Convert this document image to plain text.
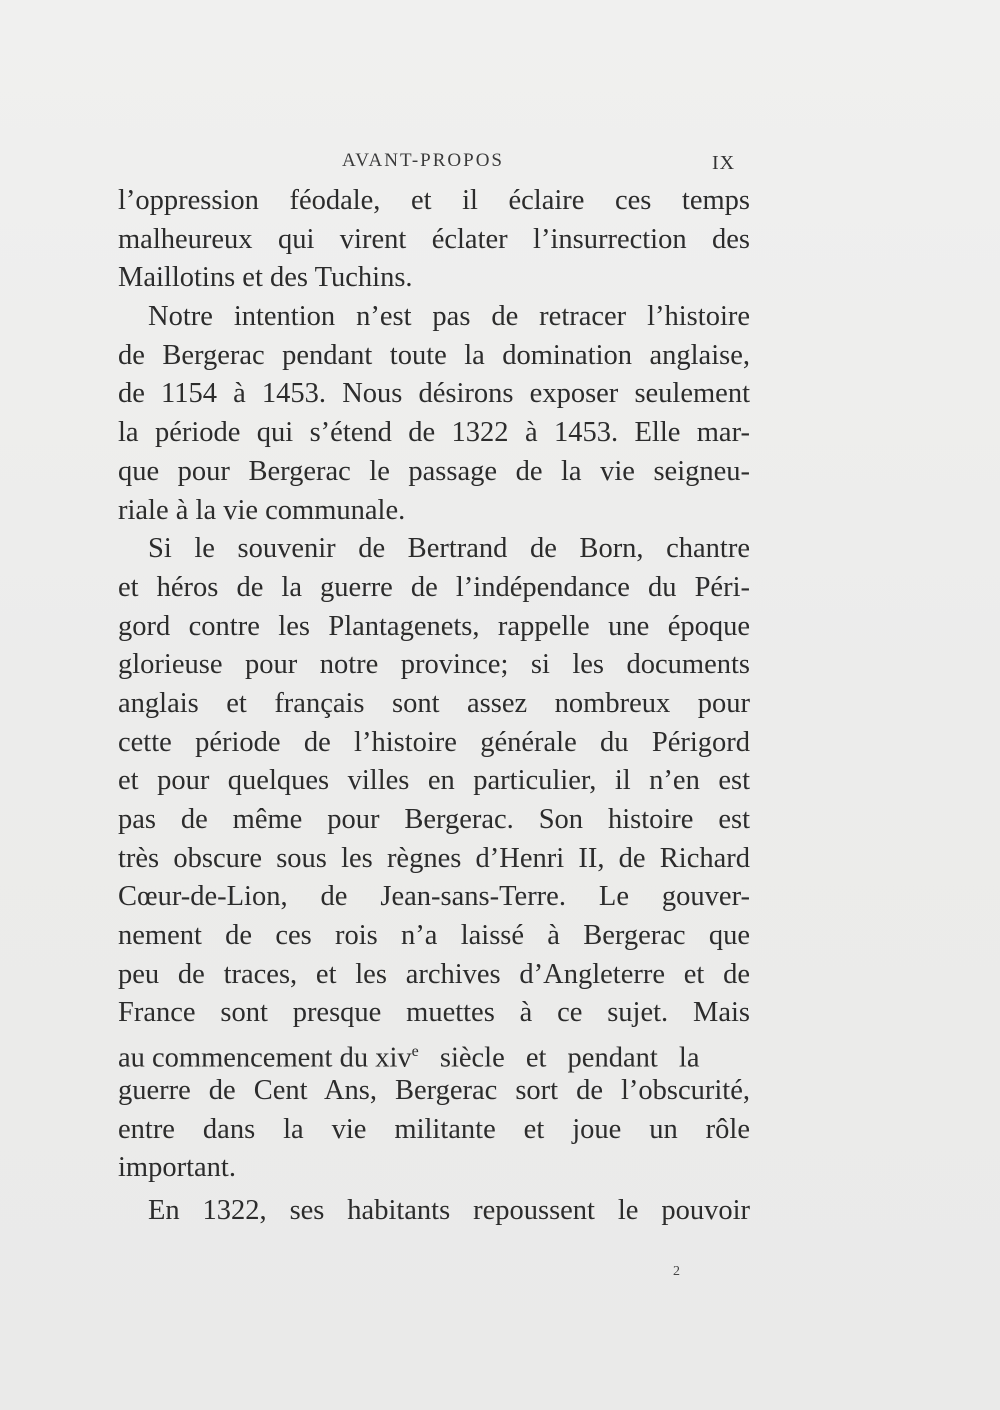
AVANT-PROPOS	IX
l’oppression féodale, et il éclaire ces temps
malheureux qui virent éclater l’insurrection des
Maillotins et des Tuchins.
Notre intention n’est pas de retracer l’histoire
de Bergerac pendant toute la domination anglaise,
de 1154 à 1453. Nous désirons exposer seulement
la période qui s’étend de 1322 à 1453. Elle mar-
que pour Bergerac le passage de la vie seigneu-
riale à la vie communale.
Si le souvenir de Bertrand de Born, chantre
et héros de la guerre de l’indépendance du Péri-
gord contre les Plantagenets, rappelle une époque
glorieuse pour notre province; si les documents
anglais et français sont assez nombreux pour
cette période de l’histoire générale du Périgord
et pour quelques villes en particulier, il n’en est
pas de même pour Bergerac. Son histoire est
très obscure sous les règnes d’Henri II, de Richard
Cœur-de-Lion, de Jean-sans-Terre. Le gouver-
nement de ces rois n’a laissé à Bergerac que
peu de traces, et les archives d’Angleterre et de
France sont presque muettes à ce sujet. Mais
au commencement du xiv$^e$ siècle et pendant la
guerre de Cent Ans, Bergerac sort de l’obscurité,
entre dans la vie militante et joue un rôle
important.
En 1322, ses habitants repoussent le pouvoir
2
